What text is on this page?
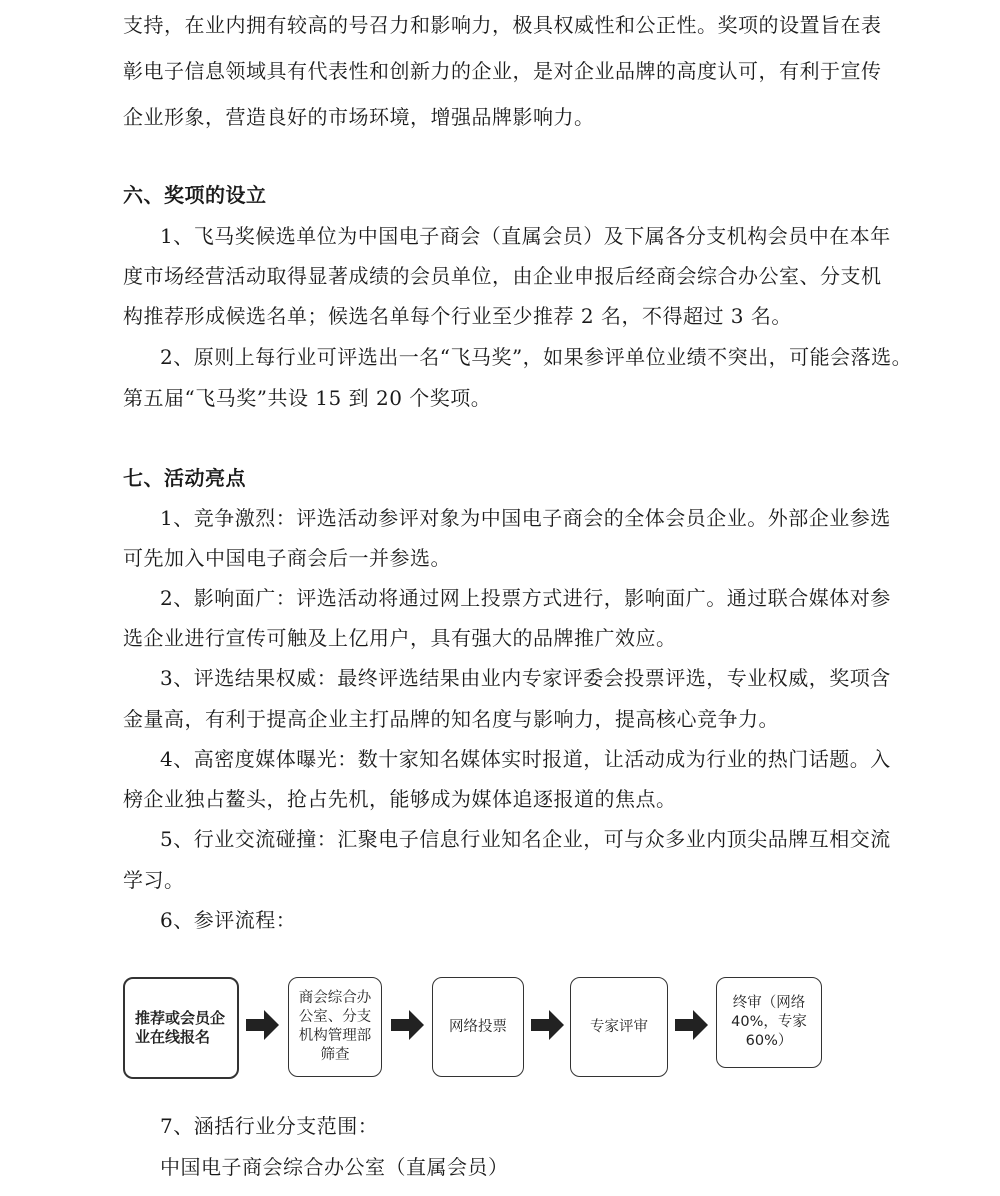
支持，在业内拥有较高的号召力和影响力，极具权威性和公正性。奖项的设置旨在表
彰电子信息领域具有代表性和创新力的企业，是对企业品牌的高度认可，有利于宣传
企业形象，营造良好的市场环境，增强品牌影响力。
六、奖项的设立
1、飞马奖候选单位为中国电子商会（直属会员）及下属各分支机构会员中在本年
度市场经营活动取得显著成绩的会员单位，由企业申报后经商会综合办公室、分支机
构推荐形成候选名单；候选名单每个行业至少推荐 2 名，不得超过 3 名。
2、原则上每行业可评选出一名“飞马奖”，如果参评单位业绩不突出，可能会落选。
第五届“飞马奖”共设 15 到 20 个奖项。
七、活动亮点
1、竞争激烈：评选活动参评对象为中国电子商会的全体会员企业。外部企业参选
可先加入中国电子商会后一并参选。
2、影响面广：评选活动将通过网上投票方式进行，影响面广。通过联合媒体对参
选企业进行宣传可触及上亿用户，具有强大的品牌推广效应。
3、评选结果权威：最终评选结果由业内专家评委会投票评选，专业权威，奖项含
金量高，有利于提高企业主打品牌的知名度与影响力，提高核心竞争力。
4、高密度媒体曝光：数十家知名媒体实时报道，让活动成为行业的热门话题。入
榜企业独占鳌头，抢占先机，能够成为媒体追逐报道的焦点。
5、行业交流碰撞：汇聚电子信息行业知名企业，可与众多业内顶尖品牌互相交流
学习。
6、参评流程：
推荐或会员企业在线报名
商会综合办公室、分支机构管理部筛查
网络投票	专家评审
终审（网络40%，专家60%）
7、涵括行业分支范围：
中国电子商会综合办公室（直属会员）
